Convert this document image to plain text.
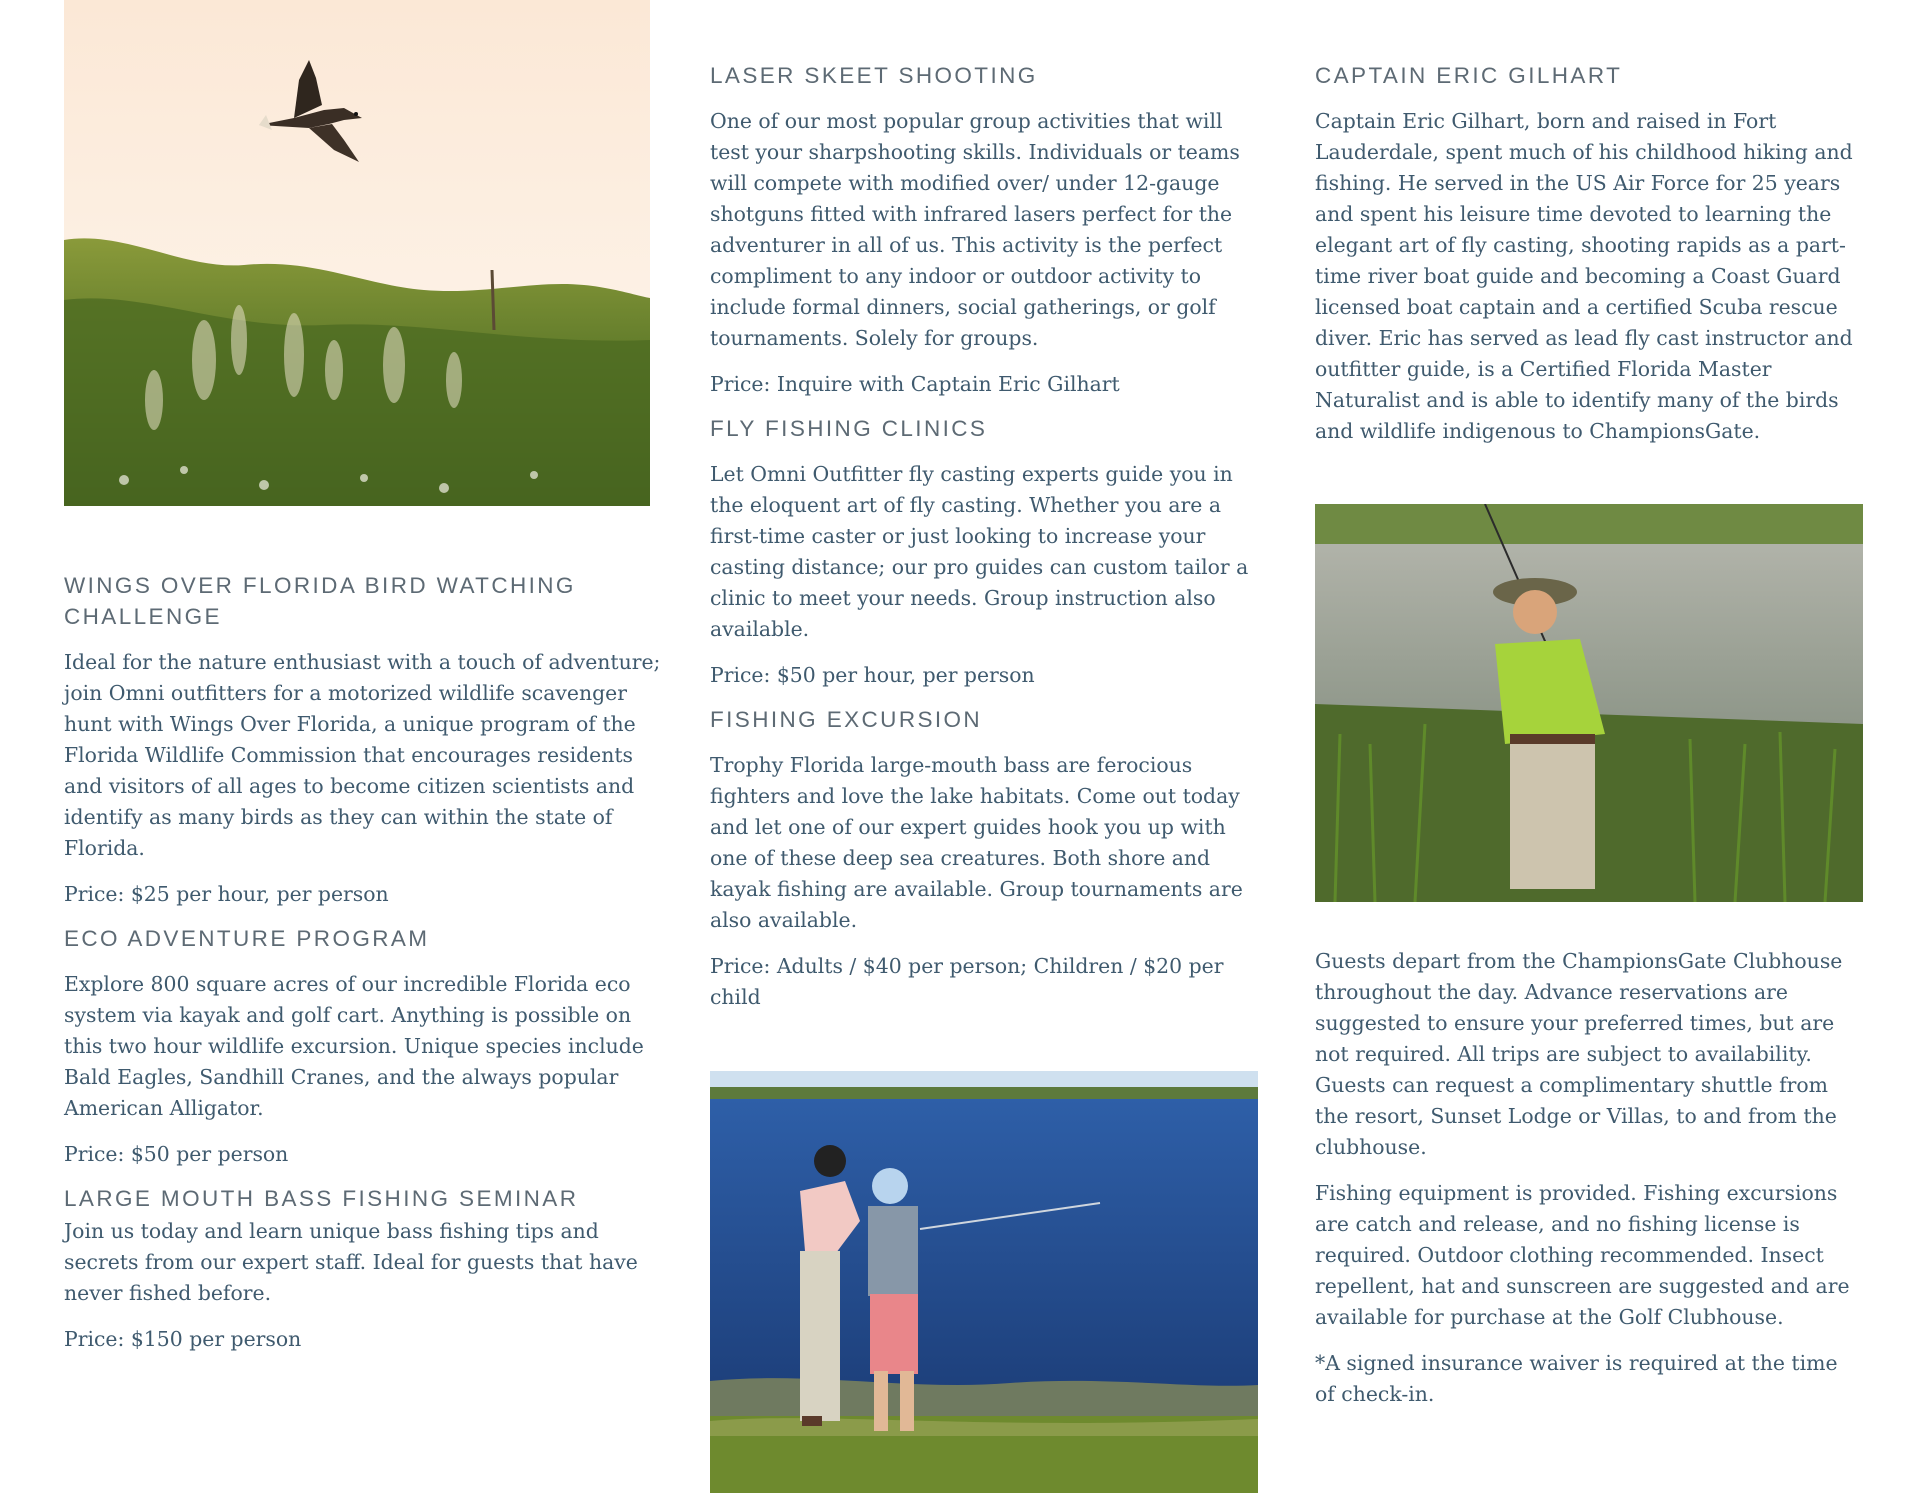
WINGS OVER FLORIDA BIRD WATCHING CHALLENGE

Ideal for the nature enthusiast with a touch of adventure; join Omni outfitters for a motorized wildlife scavenger hunt with Wings Over Florida, a unique program of the Florida Wildlife Commission that encourages residents and visitors of all ages to become citizen scientists and identify as many birds as they can within the state of Florida.

Price: $25 per hour, per person

ECO ADVENTURE PROGRAM

Explore 800 square acres of our incredible Florida eco system via kayak and golf cart. Anything is possible on this two hour wildlife excursion. Unique species include Bald Eagles, Sandhill Cranes, and the always popular American Alligator.

Price: $50 per person

LARGE MOUTH BASS FISHING SEMINAR

Join us today and learn unique bass fishing tips and secrets from our expert staff. Ideal for guests that have never fished before.

Price: $150 per person

LASER SKEET SHOOTING

One of our most popular group activities that will test your sharpshooting skills. Individuals or teams will compete with modified over/ under 12-gauge shotguns fitted with infrared lasers perfect for the adventurer in all of us. This activity is the perfect compliment to any indoor or outdoor activity to include formal dinners, social gatherings, or golf tournaments. Solely for groups.

Price: Inquire with Captain Eric Gilhart

FLY FISHING CLINICS

Let Omni Outfitter fly casting experts guide you in the eloquent art of fly casting. Whether you are a first-time caster or just looking to increase your casting distance; our pro guides can custom tailor a clinic to meet your needs. Group instruction also available.

Price: $50 per hour, per person

FISHING EXCURSION

Trophy Florida large-mouth bass are ferocious fighters and love the lake habitats. Come out today and let one of our expert guides hook you up with one of these deep sea creatures. Both shore and kayak fishing are available. Group tournaments are also available.

Price: Adults / $40 per person; Children / $20 per child

CAPTAIN ERIC GILHART

Captain Eric Gilhart, born and raised in Fort Lauderdale, spent much of his childhood hiking and fishing. He served in the US Air Force for 25 years and spent his leisure time devoted to learning the elegant art of fly casting, shooting rapids as a part-time river boat guide and becoming a Coast Guard licensed boat captain and a certified Scuba rescue diver. Eric has served as lead fly cast instructor and outfitter guide, is a Certified Florida Master Naturalist and is able to identify many of the birds and wildlife indigenous to ChampionsGate.

Guests depart from the ChampionsGate Clubhouse throughout the day. Advance reservations are suggested to ensure your preferred times, but are not required. All trips are subject to availability. Guests can request a complimentary shuttle from the resort, Sunset Lodge or Villas, to and from the clubhouse.

Fishing equipment is provided. Fishing excursions are catch and release, and no fishing license is required. Outdoor clothing recommended. Insect repellent, hat and sunscreen are suggested and are available for purchase at the Golf Clubhouse.

*A signed insurance waiver is required at the time of check-in.
